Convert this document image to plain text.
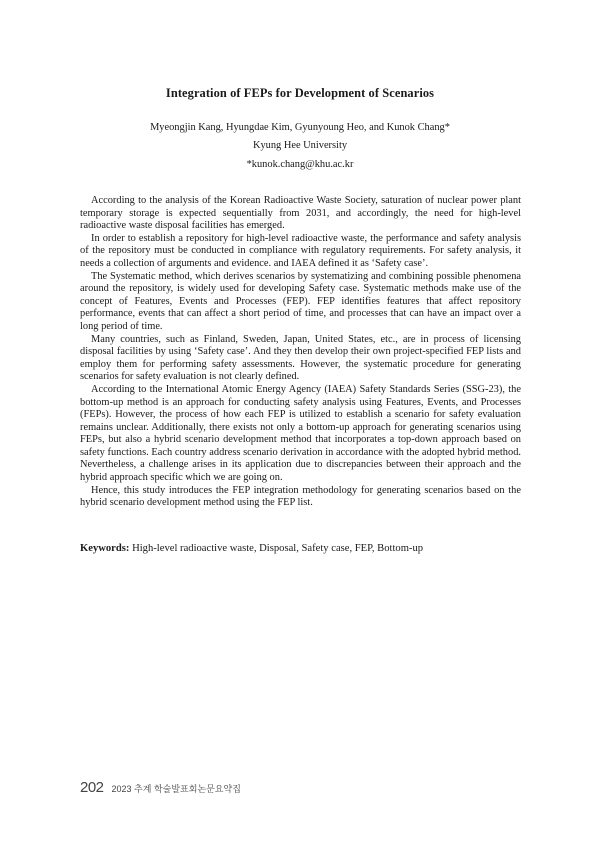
Integration of FEPs for Development of Scenarios
Myeongjin Kang, Hyungdae Kim, Gyunyoung Heo, and Kunok Chang*
Kyung Hee University
*kunok.chang@khu.ac.kr

According to the analysis of the Korean Radioactive Waste Society, saturation of nuclear power plant temporary storage is expected sequentially from 2031, and accordingly, the need for high-level radioactive waste disposal facilities has emerged.

In order to establish a repository for high-level radioactive waste, the performance and safety analysis of the repository must be conducted in compliance with regulatory requirements. For safety analysis, it needs a collection of arguments and evidence. and IAEA defined it as ‘Safety case’.

The Systematic method, which derives scenarios by systematizing and combining possible phenomena around the repository, is widely used for developing Safety case. Systematic methods make use of the concept of Features, Events and Processes (FEP). FEP identifies features that affect repository performance, events that can affect a short period of time, and processes that can have an impact over a long period of time.

Many countries, such as Finland, Sweden, Japan, United States, etc., are in process of licensing disposal facilities by using ‘Safety case’. And they then develop their own project-specified FEP lists and employ them for performing safety assessments. However, the systematic procedure for generating scenarios for safety evaluation is not clearly defined.

According to the International Atomic Energy Agency (IAEA) Safety Standards Series (SSG-23), the bottom-up method is an approach for conducting safety analysis using Features, Events, and Processes (FEPs). However, the process of how each FEP is utilized to establish a scenario for safety evaluation remains unclear. Additionally, there exists not only a bottom-up approach for generating scenarios using FEPs, but also a hybrid scenario development method that incorporates a top-down approach based on safety functions. Each country address scenario derivation in accordance with the adopted hybrid method. Nevertheless, a challenge arises in its application due to discrepancies between their approach and the hybrid approach specific which we are going on.

Hence, this study introduces the FEP integration methodology for generating scenarios based on the hybrid scenario development method using the FEP list.

Keywords: High-level radioactive waste, Disposal, Safety case, FEP, Bottom-up
202 2023 추계 학술발표회논문요약집
